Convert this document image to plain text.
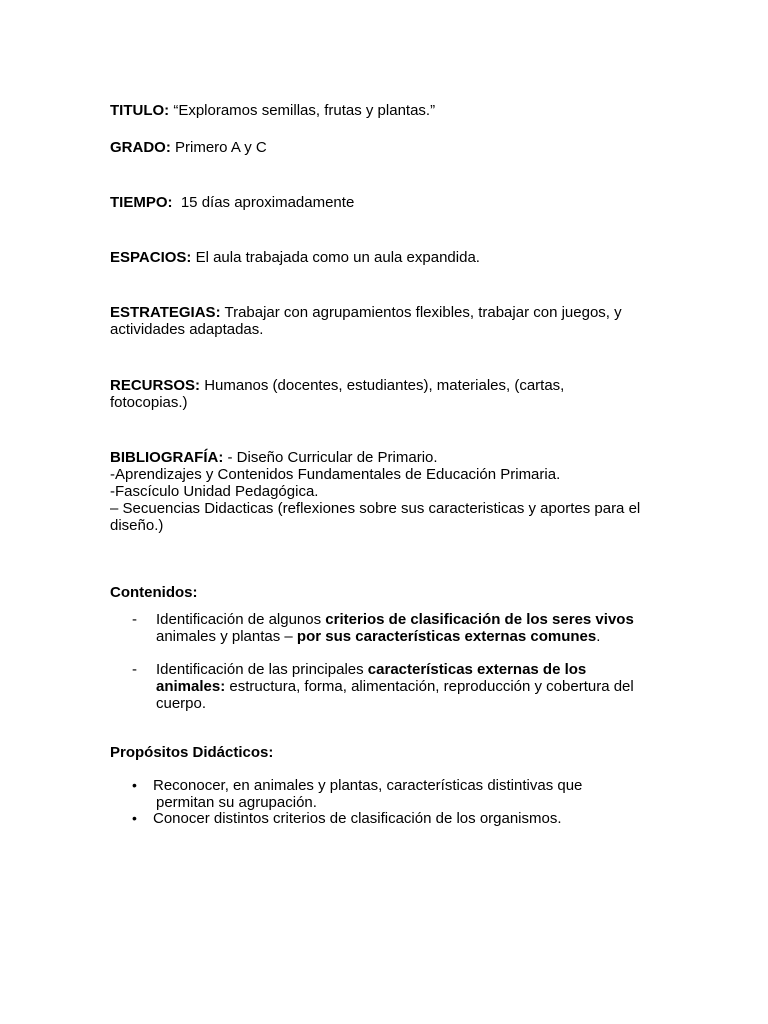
TITULO: “Exploramos semillas, frutas y plantas.”

GRADO: Primero A y C

TIEMPO: 15 días aproximadamente

ESPACIOS: El aula trabajada como un aula expandida.

ESTRATEGIAS: Trabajar con agrupamientos flexibles, trabajar con juegos, y
actividades adaptadas.

RECURSOS: Humanos (docentes, estudiantes), materiales, (cartas,
fotocopias.)

BIBLIOGRAFÍA: - Diseño Curricular de Primario.
-Aprendizajes y Contenidos Fundamentales de Educación Primaria.
-Fascículo Unidad Pedagógica.
– Secuencias Didacticas (reflexiones sobre sus caracteristicas y aportes para el
diseño.)

Contenidos:

- Identificación de algunos criterios de clasificación de los seres vivos
animales y plantas – por sus características externas comunes.
- Identificación de las principales características externas de los
animales: estructura, forma, alimentación, reproducción y cobertura del
cuerpo.

Propósitos Didácticos:

• Reconocer, en animales y plantas, características distintivas que
permitan su agrupación.
• Conocer distintos criterios de clasificación de los organismos.
